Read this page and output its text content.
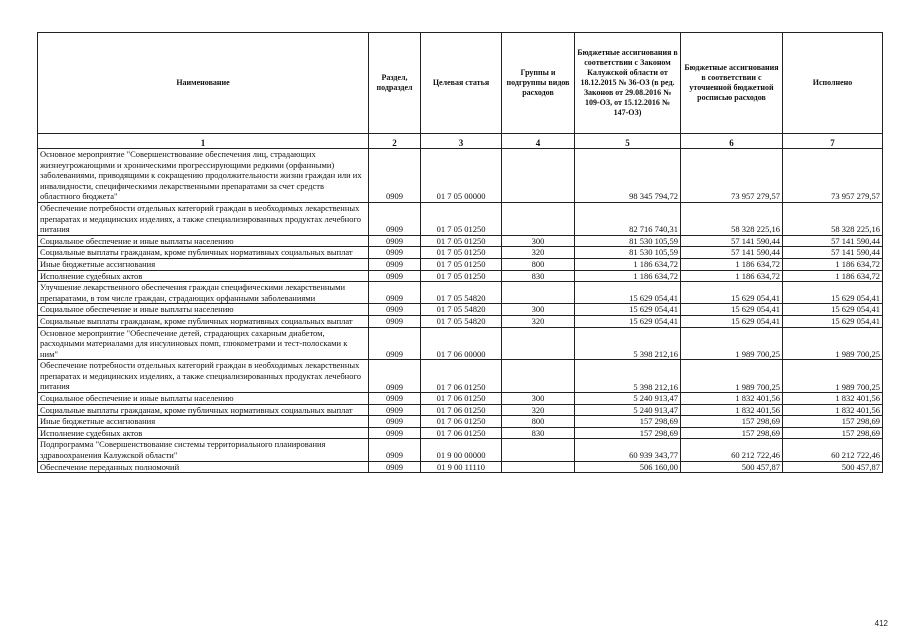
Наименование	Раздел, подраздел	Целевая статья	Группы и подгруппы видов расходов	Бюджетные ассигнования в соответствии с Законом Калужской области от 18.12.2015 № 36-ОЗ (в ред. Законов от 29.08.2016 № 109-ОЗ, от 15.12.2016 № 147-ОЗ)	Бюджетные ассигнования в соответствии с уточненной бюджетной росписью расходов	Исполнено
1	2	3	4	5	6	7
Основное мероприятие "Совершенствование обеспечения лиц, страдающих жизнеугрожающими и хроническими прогрессирующими редкими (орфанными) заболеваниями, приводящими к сокращению продолжительности жизни граждан или их инвалидности, специфическими лекарственными препаратами за счет средств областного бюджета"	0909	01 7 05 00000		98 345 794,72	73 957 279,57	73 957 279,57
Обеспечение потребности отдельных категорий граждан в необходимых лекарственных препаратах и медицинских изделиях, а также специализированных продуктах лечебного питания	0909	01 7 05 01250		82 716 740,31	58 328 225,16	58 328 225,16
Социальное обеспечение и иные выплаты населению	0909	01 7 05 01250	300	81 530 105,59	57 141 590,44	57 141 590,44
Социальные выплаты гражданам, кроме публичных нормативных социальных выплат	0909	01 7 05 01250	320	81 530 105,59	57 141 590,44	57 141 590,44
Иные бюджетные ассигнования	0909	01 7 05 01250	800	1 186 634,72	1 186 634,72	1 186 634,72
Исполнение судебных актов	0909	01 7 05 01250	830	1 186 634,72	1 186 634,72	1 186 634,72
Улучшение лекарственного обеспечения граждан специфическими лекарственными препаратами, в том числе граждан, страдающих орфанными заболеваниями	0909	01 7 05 54820		15 629 054,41	15 629 054,41	15 629 054,41
Социальное обеспечение и иные выплаты населению	0909	01 7 05 54820	300	15 629 054,41	15 629 054,41	15 629 054,41
Социальные выплаты гражданам, кроме публичных нормативных социальных выплат	0909	01 7 05 54820	320	15 629 054,41	15 629 054,41	15 629 054,41
Основное мероприятие "Обеспечение детей, страдающих сахарным диабетом, расходными материалами для инсулиновых помп, глюкометрами и тест-полосками к ним"	0909	01 7 06 00000		5 398 212,16	1 989 700,25	1 989 700,25
Обеспечение потребности отдельных категорий граждан в необходимых лекарственных препаратах и медицинских изделиях, а также специализированных продуктах лечебного питания	0909	01 7 06 01250		5 398 212,16	1 989 700,25	1 989 700,25
Социальное обеспечение и иные выплаты населению	0909	01 7 06 01250	300	5 240 913,47	1 832 401,56	1 832 401,56
Социальные выплаты гражданам, кроме публичных нормативных социальных выплат	0909	01 7 06 01250	320	5 240 913,47	1 832 401,56	1 832 401,56
Иные бюджетные ассигнования	0909	01 7 06 01250	800	157 298,69	157 298,69	157 298,69
Исполнение судебных актов	0909	01 7 06 01250	830	157 298,69	157 298,69	157 298,69
Подпрограмма "Совершенствование системы территориального планирования здравоохранения Калужской области"	0909	01 9 00 00000		60 939 343,77	60 212 722,46	60 212 722,46
Обеспечение переданных полномочий	0909	01 9 00 11110		506 160,00	500 457,87	500 457,87
412
